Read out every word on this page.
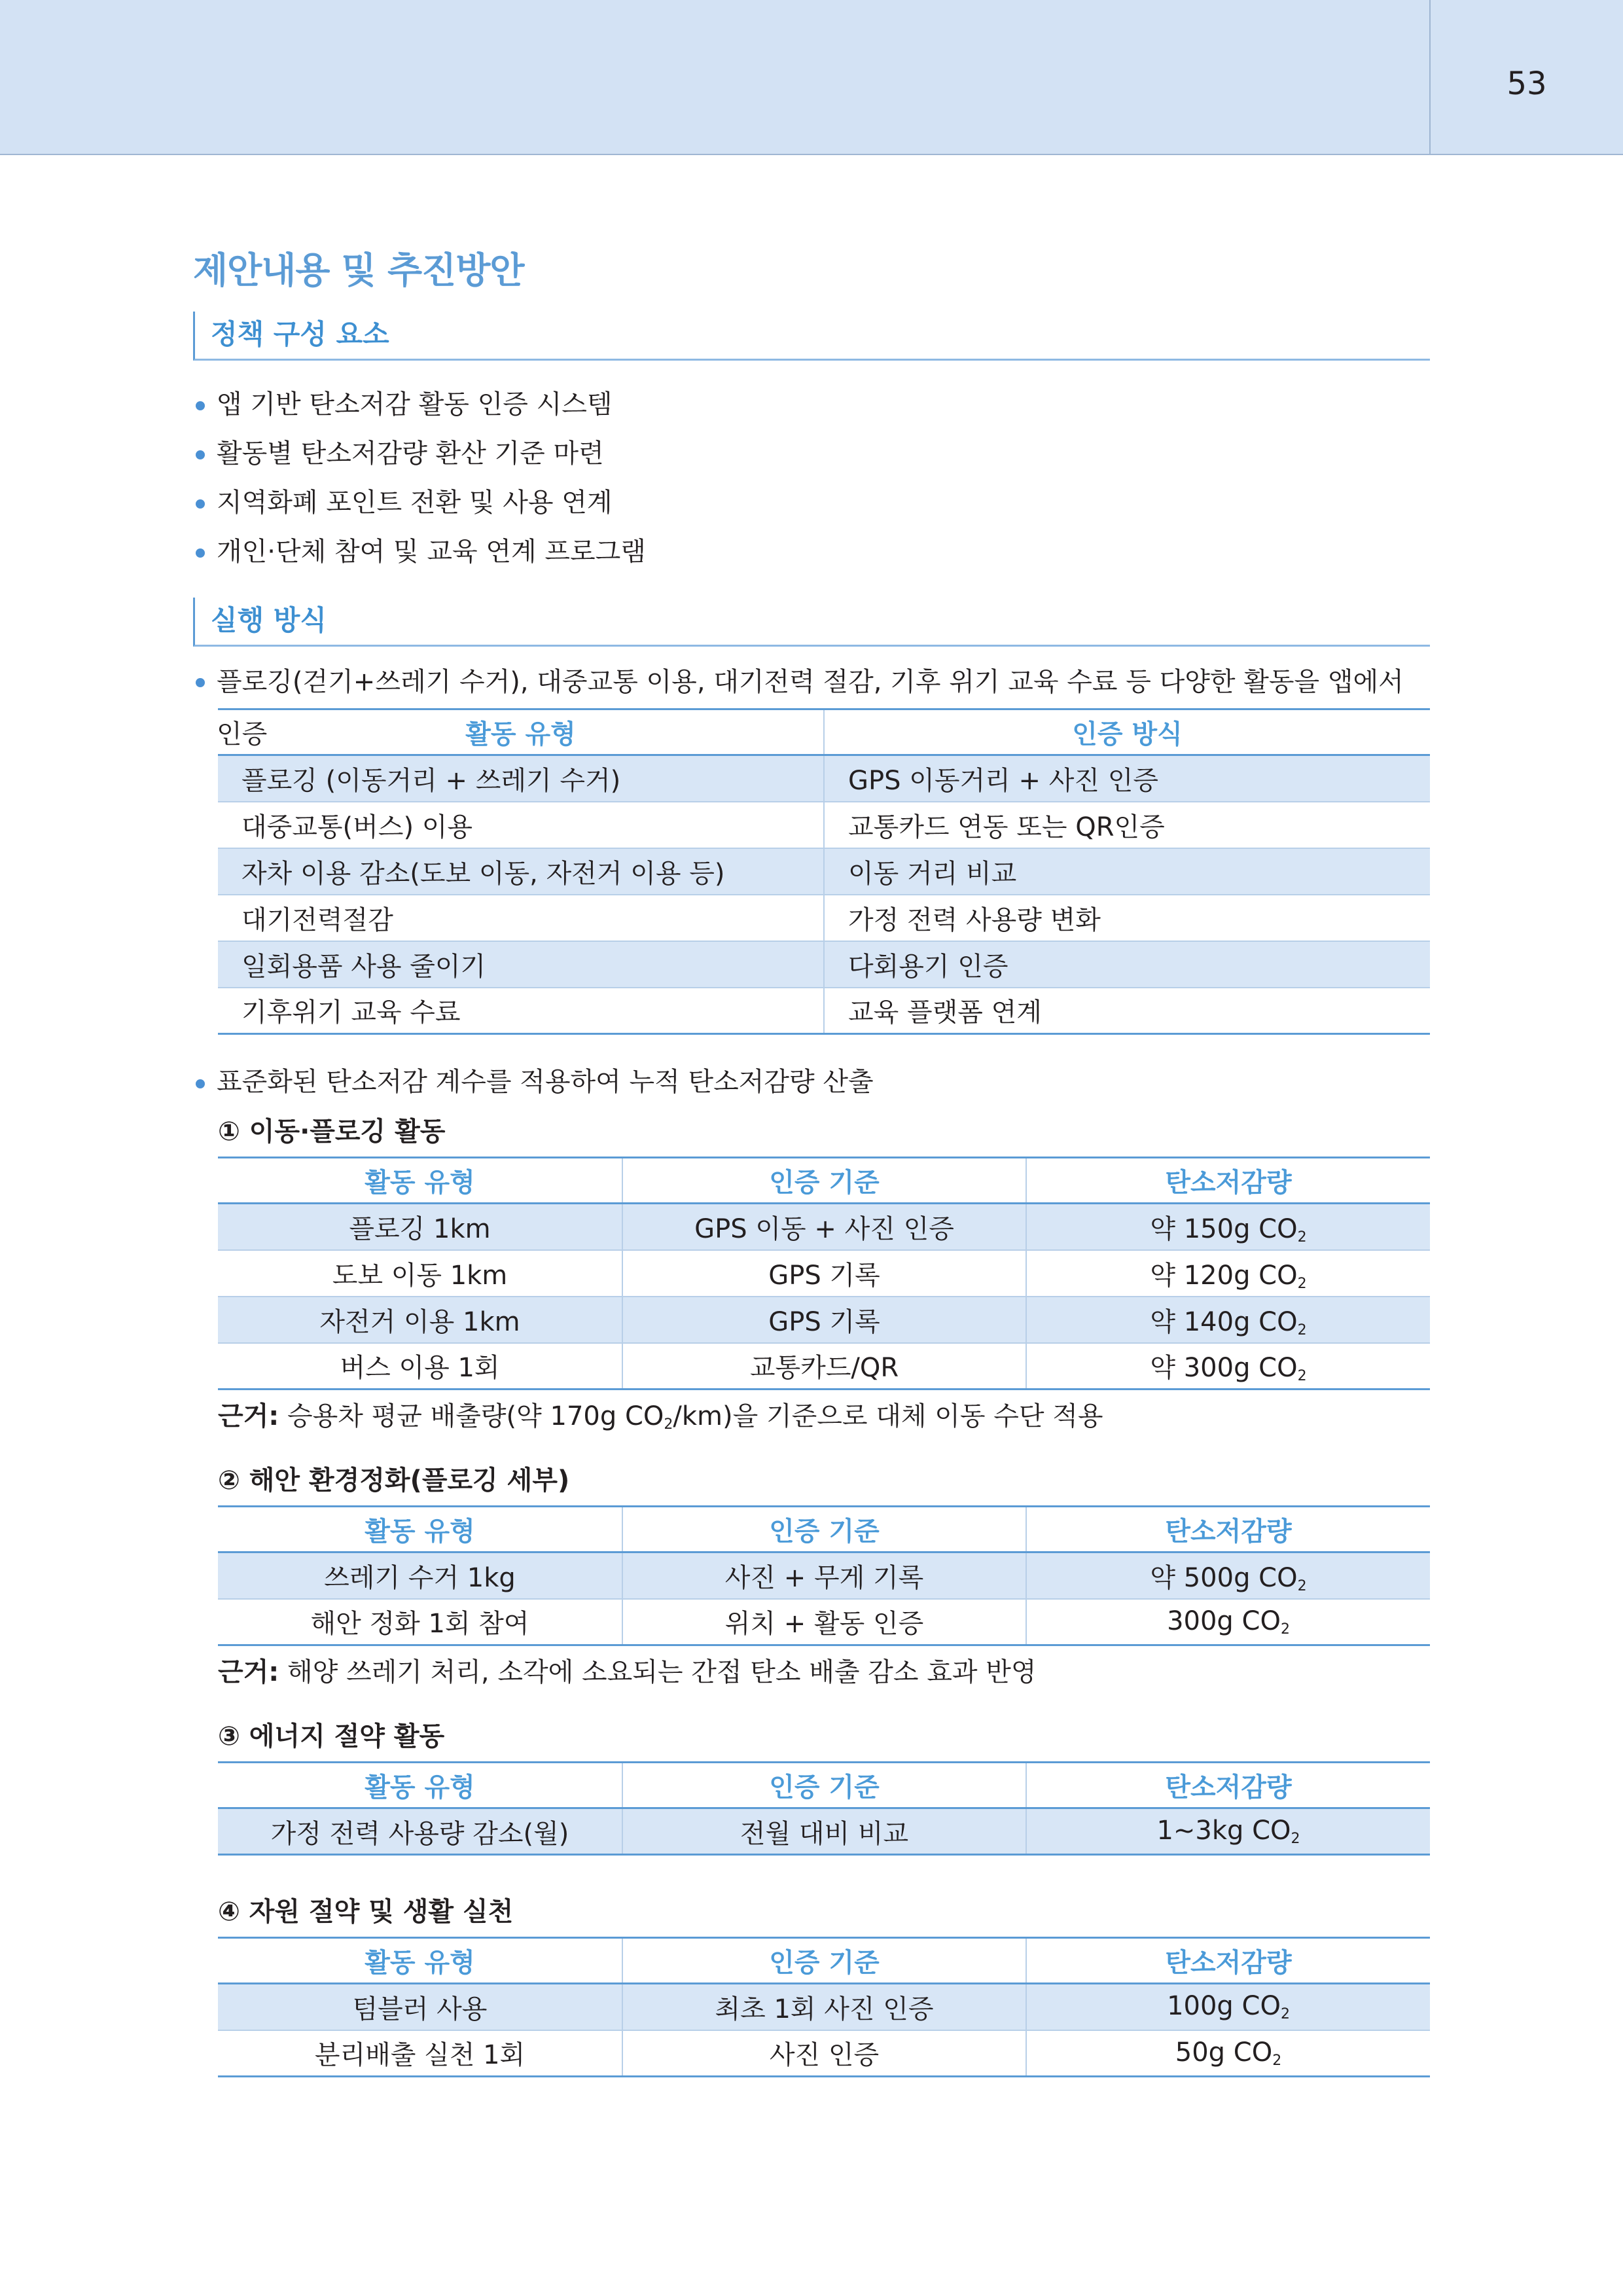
53
제안내용 및 추진방안
정책 구성 요소
앱 기반 탄소저감 활동 인증 시스템
활동별 탄소저감량 환산 기준 마련
지역화폐 포인트 전환 및 사용 연계
개인·단체 참여 및 교육 연계 프로그램
실행 방식
플로깅(걷기+쓰레기 수거), 대중교통 이용, 대기전력 절감, 기후 위기 교육 수료 등 다양한 활동을 앱에서 인증	활동 유형	인증 방식
플로깅 (이동거리 + 쓰레기 수거)	GPS 이동거리 + 사진 인증
대중교통(버스) 이용	교통카드 연동 또는 QR인증
자차 이용 감소(도보 이동, 자전거 이용 등)	이동 거리 비교
대기전력절감	가정 전력 사용량 변화
일회용품 사용 줄이기	다회용기 인증
기후위기 교육 수료	교육 플랫폼 연계
표준화된 탄소저감 계수를 적용하여 누적 탄소저감량 산출
① 이동·플로깅 활동
활동 유형	인증 기준	탄소저감량
플로깅 1km	GPS 이동 + 사진 인증	약 150g $CO_2$
도보 이동 1km	GPS 기록	약 120g $CO_2$
자전거 이용 1km	GPS 기록	약 140g $CO_2$
버스 이용 1회	교통카드/QR	약 300g $CO_2$
근거: 승용차 평균 배출량(약 170g $CO_2/km$)을 기준으로 대체 이동 수단 적용
② 해안 환경정화(플로깅 세부)
활동 유형	인증 기준	탄소저감량
쓰레기 수거 1kg	사진 + 무게 기록	약 500g $CO_2$
해안 정화 1회 참여	위치 + 활동 인증	300g $CO_2$
근거: 해양 쓰레기 처리, 소각에 소요되는 간접 탄소 배출 감소 효과 반영
③ 에너지 절약 활동
활동 유형	인증 기준	탄소저감량
가정 전력 사용량 감소(월)	전월 대비 비교	1~3kg $CO_2$
④ 자원 절약 및 생활 실천
활동 유형	인증 기준	탄소저감량
텀블러 사용	최초 1회 사진 인증	100g $CO_2$
분리배출 실천 1회	사진 인증	50g $CO_2$
